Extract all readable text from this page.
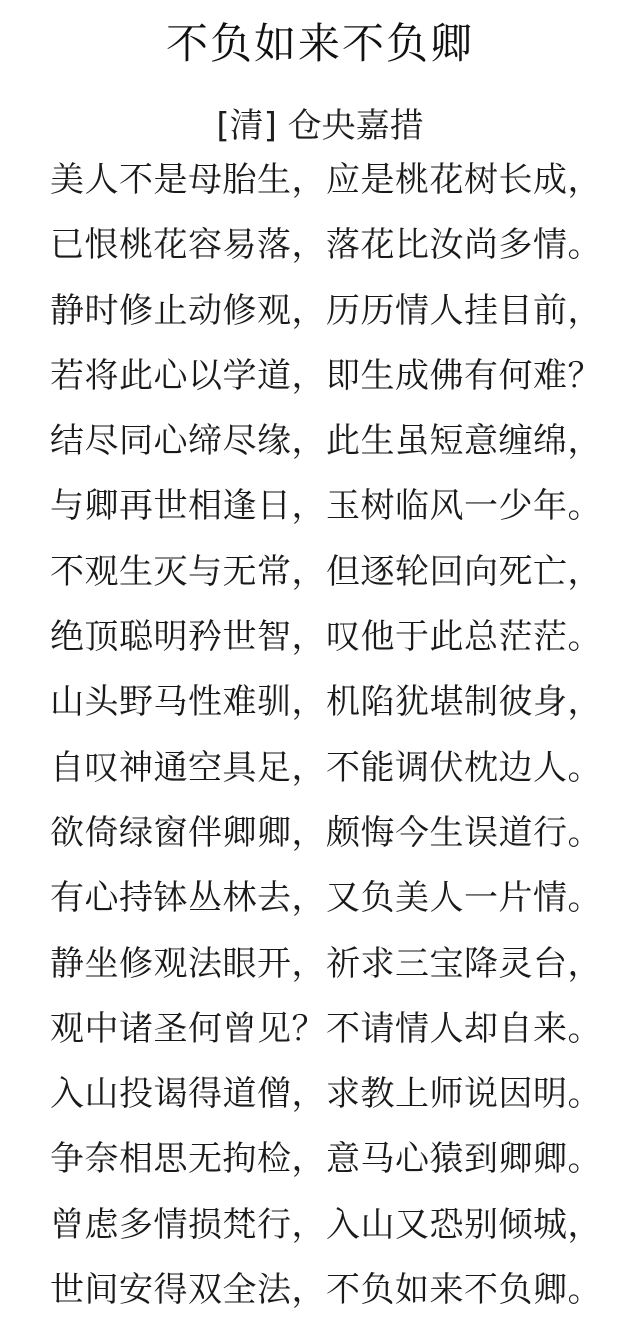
不负如来不负卿
[清] 仓央嘉措
美人不是母胎生，应是桃花树长成，
已恨桃花容易落，落花比汝尚多情。
静时修止动修观，历历情人挂目前，
若将此心以学道，即生成佛有何难？
结尽同心缔尽缘，此生虽短意缠绵，
与卿再世相逢日，玉树临风一少年。
不观生灭与无常，但逐轮回向死亡，
绝顶聪明矜世智，叹他于此总茫茫。
山头野马性难驯，机陷犹堪制彼身，
自叹神通空具足，不能调伏枕边人。
欲倚绿窗伴卿卿，颇悔今生误道行。
有心持钵丛林去，又负美人一片情。
静坐修观法眼开，祈求三宝降灵台，
观中诸圣何曾见？不请情人却自来。
入山投谒得道僧，求教上师说因明。
争奈相思无拘检，意马心猿到卿卿。
曾虑多情损梵行，入山又恐别倾城，
世间安得双全法，不负如来不负卿。
